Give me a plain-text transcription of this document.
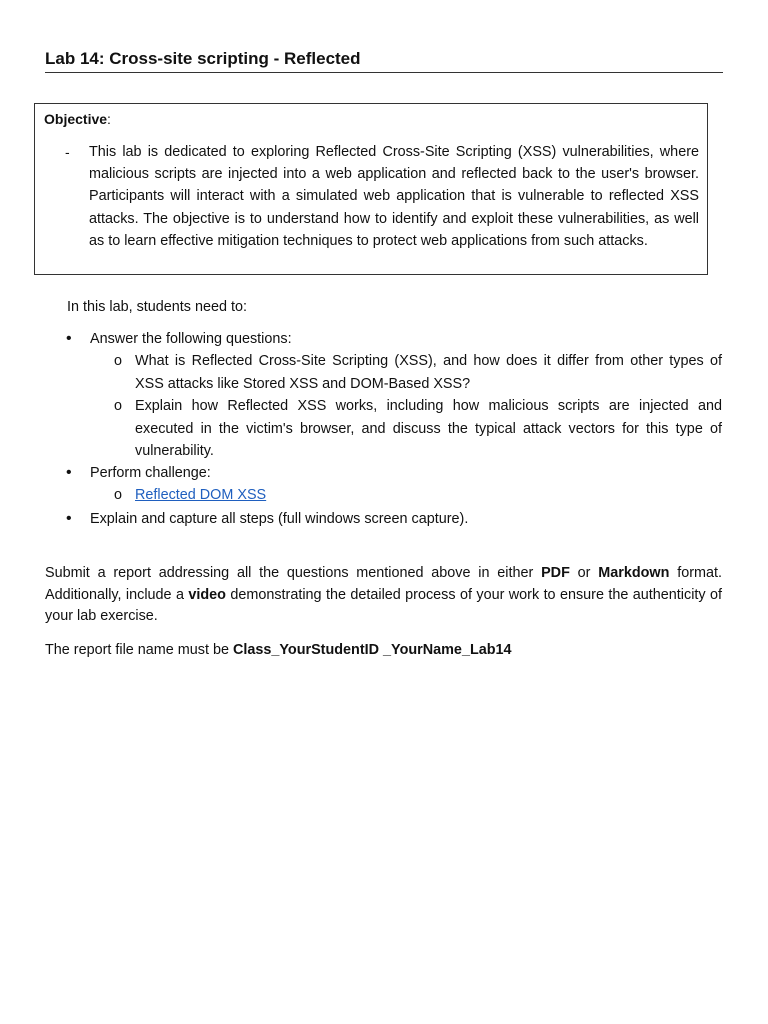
Lab 14: Cross-site scripting - Reflected
Objective:
- This lab is dedicated to exploring Reflected Cross-Site Scripting (XSS) vulnerabilities, where malicious scripts are injected into a web application and reflected back to the user's browser. Participants will interact with a simulated web application that is vulnerable to reflected XSS attacks. The objective is to understand how to identify and exploit these vulnerabilities, as well as to learn effective mitigation techniques to protect web applications from such attacks.
In this lab, students need to:
• Answer the following questions:
o What is Reflected Cross-Site Scripting (XSS), and how does it differ from other types of XSS attacks like Stored XSS and DOM-Based XSS?
o Explain how Reflected XSS works, including how malicious scripts are injected and executed in the victim's browser, and discuss the typical attack vectors for this type of vulnerability.
• Perform challenge:
o Reflected DOM XSS
• Explain and capture all steps (full windows screen capture).
Submit a report addressing all the questions mentioned above in either PDF or Markdown format. Additionally, include a video demonstrating the detailed process of your work to ensure the authenticity of your lab exercise.
The report file name must be Class_YourStudentID _YourName_Lab14
